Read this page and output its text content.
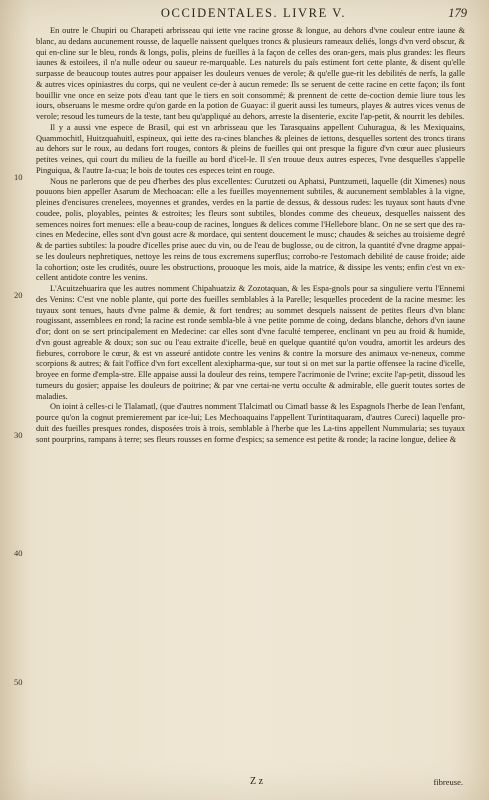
OCCIDENTALES. LIVRE V.	179

En outre le Chupiri ou Charapeti arbrisseau qui iette vne racine grosse & longue, au dehors d'vne couleur entre iaune & blanc, au dedans aucunement rousse, de laquelle naissent quelques troncs & plusieurs rameaux deliés, longs d'vn verd obscur, & qui en-cline sur le bleu, ronds & longs, polis, pleins de fueilles à la façon de celles des oran-gers, mais plus grandes: les fleurs iaunes & estoilees, il n'a nulle odeur ou saueur re-marquable. Les naturels du païs estiment fort cette plante, & disent qu'elle surpasse de beaucoup toutes autres pour appaiser les douleurs venues de verole; & qu'elle gue-rit les debilités de nerfs, la galle & autres vices opiniastres du corps, qui ne veulent ce-der à aucun remede: Ils se seruent de cette racine en cette façon; ils font bouillir vne once en seize pots d'eau tant que le tiers en soit consommé; & prennent de cette de-coction demie liure tous les iours, obseruans le mesme ordre qu'on garde en la potion de Guayac: il guerit aussi les tumeurs, playes & autres vices venus de verole; resoud les tumeurs de la teste, tant beu qu'appliqué au dehors, arreste la disenterie, excite l'ap-petit, & nourrit les debiles.

Il y a aussi vne espece de Brasil, qui est vn arbrisseau que les Tarasquains appellent Cuhuragua, & les Mexiquains, Quammochitl, Huitzquahuitl, espineux, qui iette des ra-cines blanches & pleines de iettons, desquelles sortent des troncs tirans au dehors sur le roux, au dedans fort rouges, contors & pleins de fueilles qui ont presque la figure d'vn cœur auec plusieurs petites veines, qui court du milieu de la fueille au bord d'icel-le. Il s'en trouue deux autres especes, l'vne desquelles s'appelle Pinguiqua, & l'autre Ia-cua; le bois de toutes ces especes teint en rouge.

Nous ne parlerons que de peu d'herbes des plus excellentes: Curutzeti ou Aphatsi, Puntzumeti, laquelle (dit Ximenes) nous pouuons bien appeller Asarum de Mechoacan: elle a les fueilles moyennement subtiles, & aucunement semblables à la vigne, pleines d'encisures crenelees, moyennes et grandes, verdes en la partie de dessus, & dessous rudes: les tuyaux sont hauts d'vne coudee, polis, ployables, peintes & estroites; les fleurs sont subtiles, blondes comme des cheueux, desquelles naissent des semences noires fort menues: elle a beau-coup de racines, longues & delices comme l'Hellebore blanc. On ne se sert que des ra-cines en Medecine, elles sont d'vn goust acre & mordace, qui sentent doucement le musc; chaudes & seiches au troisieme degré & de parties subtiles: la poudre d'icelles prise auec du vin, ou de l'eau de buglosse, ou de citron, la quantité d'vne dragme appai-se les douleurs nephretiques, nettoye les reins de tous excremens superflus; corrobo-re l'estomach debilité de cause froide; aide la cohortion; oste les crudités, ouure les obstructions, prouoque les mois, aide la matrice, & dissipe les vents; enfin c'est vn ex-cellent antidote contre les venins.

L'Acuitzehuarira que les autres nomment Chipahuatziz & Zozotaquan, & les Espa-gnols pour sa singuliere vertu l'Ennemi des Venins: C'est vne noble plante, qui porte des fueilles semblables à la Parelle; lesquelles procedent de la racine mesme: les tuyaux sont tenues, hauts d'vne palme & demie, & fort tendres; au sommet desquels naissent de petites fleurs d'vn blanc rougissant, assemblees en rond; la racine est ronde sembla-ble à vne petite pomme de coing, dedans blanche, dehors d'vn iaune d'or; dont on se sert principalement en Medecine: car elles sont d'vne faculté temperee, enclinant vn peu au froid & humide, d'vn goust agreable & doux; son suc ou l'eau extraite d'icelle, beuë en quelque quantité qu'on voudra, amortit les ardeurs des fiebures, corrobore le cœur, & est vn asseuré antidote contre les venins & contre la morsure des animaux ve-neneux, comme scorpions & autres; & fait l'office d'vn fort excellent alexipharma-que, sur tout si on met sur la partie offensee la racine d'icelle, broyee en forme d'empla-stre. Elle appaise aussi la douleur des reins, tempere l'acrimonie de l'vrine; excite l'ap-petit, dissoud les tumeurs du gosier; appaise les douleurs de poitrine; & par vne certai-ne vertu occulte & admirable, elle guerit toutes sortes de maladies.

On ioint à celles-ci le Tlalamatl, (que d'autres nomment Tlalcimatl ou Cimatl basse & les Espagnols l'herbe de Iean l'enfant, pource qu'on la cognut premierement par ice-lui; Les Mechoaquains l'appellent Turintitaquaram, d'autres Cureci) laquelle pro-duit des fueilles presques rondes, disposées trois à trois, semblable à l'herbe que les La-tins appellent Nummularia; ses tuyaux sont pourprins, rampans à terre; ses fleurs rousses en forme d'espics; sa semence est petite & ronde; la racine longue, deliee &

10
20
30
40
50
Z z	fibreuse.
